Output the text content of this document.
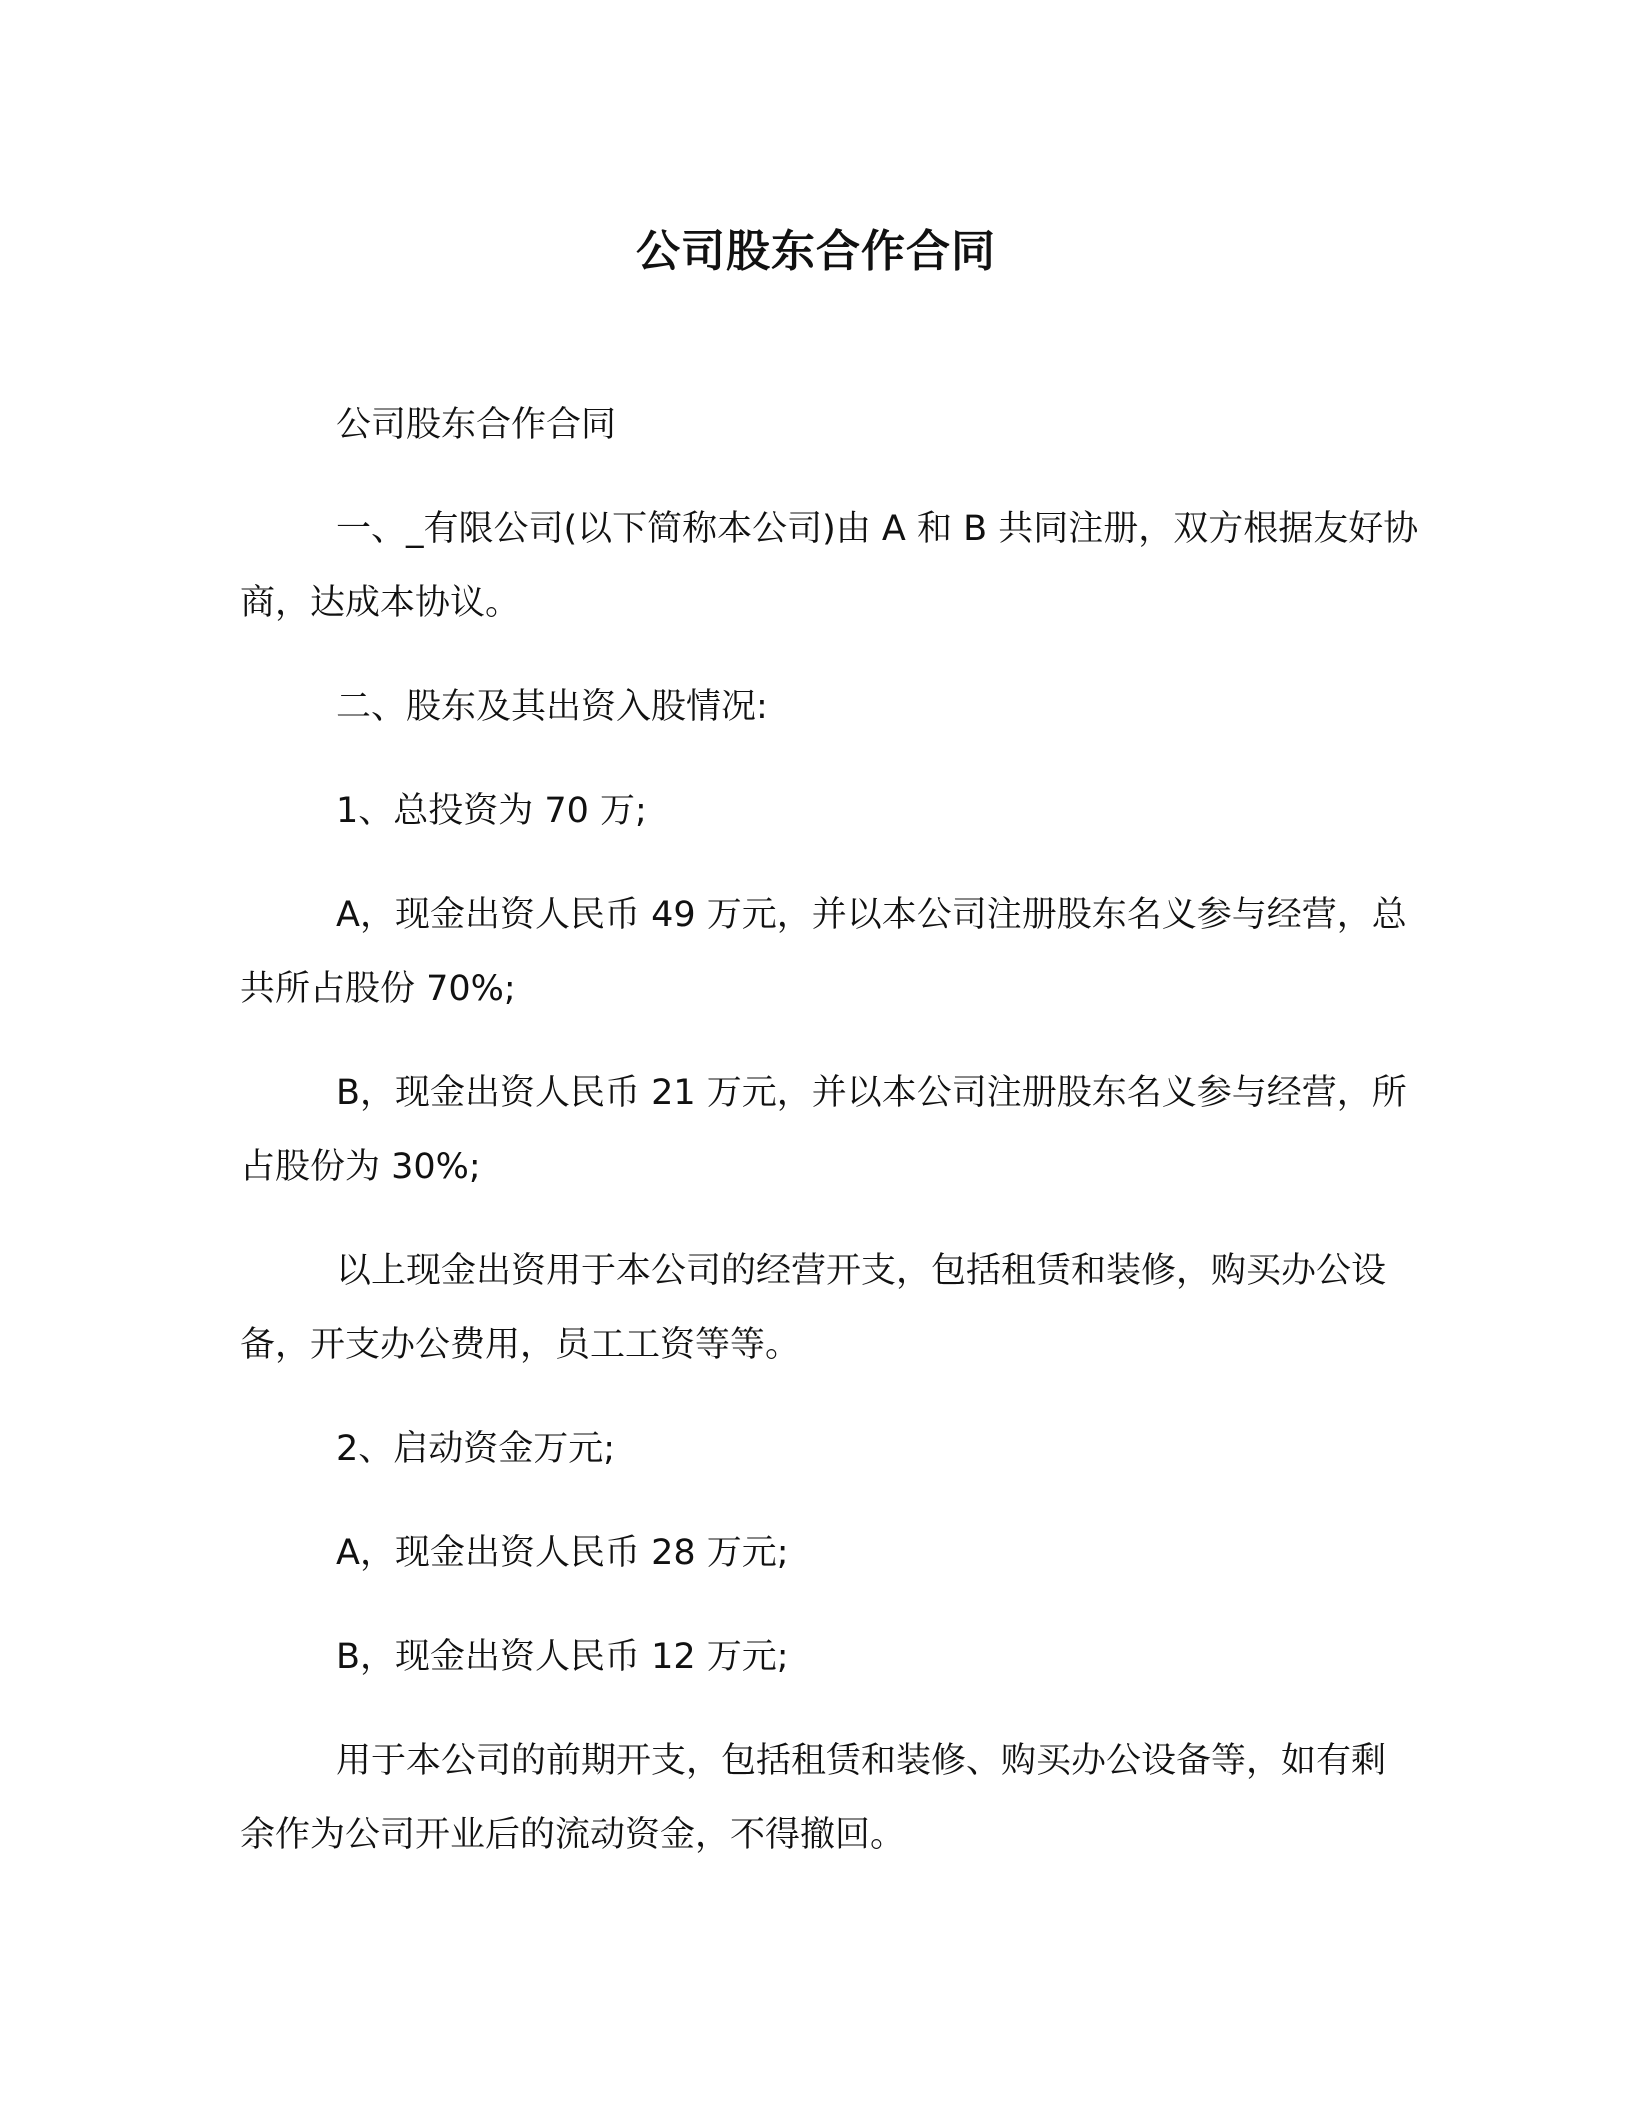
公司股东合作合同

公司股东合作合同

一、_有限公司(以下简称本公司)由 A 和 B 共同注册，双方根据友好协商，达成本协议。

二、股东及其出资入股情况:

1、总投资为 70 万;

A，现金出资人民币 49 万元，并以本公司注册股东名义参与经营，总共所占股份 70%;

B，现金出资人民币 21 万元，并以本公司注册股东名义参与经营，所占股份为 30%;

以上现金出资用于本公司的经营开支，包括租赁和装修，购买办公设备，开支办公费用，员工工资等等。

2、启动资金万元;

A，现金出资人民币 28 万元;

B，现金出资人民币 12 万元;

用于本公司的前期开支，包括租赁和装修、购买办公设备等，如有剩余作为公司开业后的流动资金，不得撤回。
